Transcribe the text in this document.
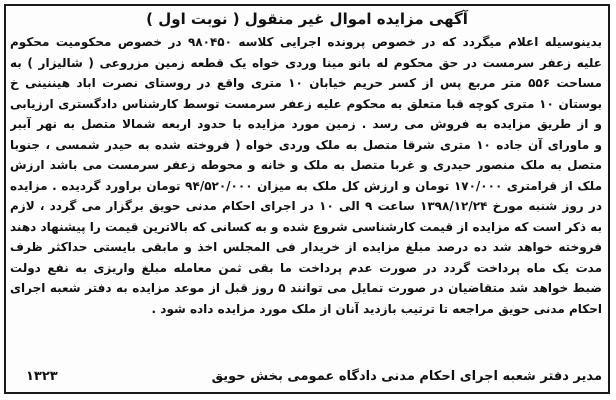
آگهی مزایده اموال غیر منقول ( نوبت اول )
بدینوسیله اعلام میگردد که در خصوص پرونده اجرایی کلاسه ۹۸۰۴۵۰ در خصوص محکومیت محکوم
علیه زعفر سرمست در حق محکوم له بانو مینا وردی خواه یک قطعه زمین مزروعی ( شالیزار ) به
مساحت ۵۵۶ متر مربع پس از کسر حریم خیابان ۱۰ متری واقع در روستای نصرت اباد هیننینی خ
بوستان ۱۰ متری کوچه قبا متعلق به محکوم علیه زعفر سرمست توسط کارشناس دادگستری ارزیابی
و از طریق مزایده به فروش می رسد . زمین مورد مزایده با حدود اربعه شمالا متصل به نهر آببر
و ماورای آن جاده ۱۰ متری شرقا متصل به ملک وردی خواه ( فروخته شده به حیدر شمسی ، جنوبا
متصل به ملک منصور حیدری و غربا متصل به ملک و خانه و محوطه زعفر سرمست می باشد ارزش
ملک از قرامتری ۱۷۰/۰۰۰ تومان و ارزش کل ملک به میزان ۹۴/۵۲۰/۰۰۰ تومان براورد گردیده . مزایده
در روز شنبه مورخ ۱۳۹۸/۱۲/۲۴ ساعت ۹ الی ۱۰ در اجرای احکام مدنی حویق برگزار می گردد ، لازم
به ذکر است که مزایده از قیمت کارشناسی شروع شده و به کسانی که بالاترین قیمت را پیشنهاد دهند
فروخته خواهد شد ده درصد مبلغ مزایده از خریدار فی المجلس اخذ و مابقی بایستی حداکثر ظرف
مدت یک ماه پرداخت گردد در صورت عدم پرداخت ما بقی ثمن معامله مبلغ واریزی به نفع دولت
ضبط خواهد شد متقاضیان در صورت تمایل می توانند ۵ روز قبل از موعد مزایده به دفتر شعبه اجرای
احکام مدنی حویق مراجعه تا ترتیب بازدید آنان از ملک مورد مزایده داده شود .
مدیر دفتر شعبه اجرای احکام مدنی دادگاه عمومی بخش حویق
۱۳۲۳
